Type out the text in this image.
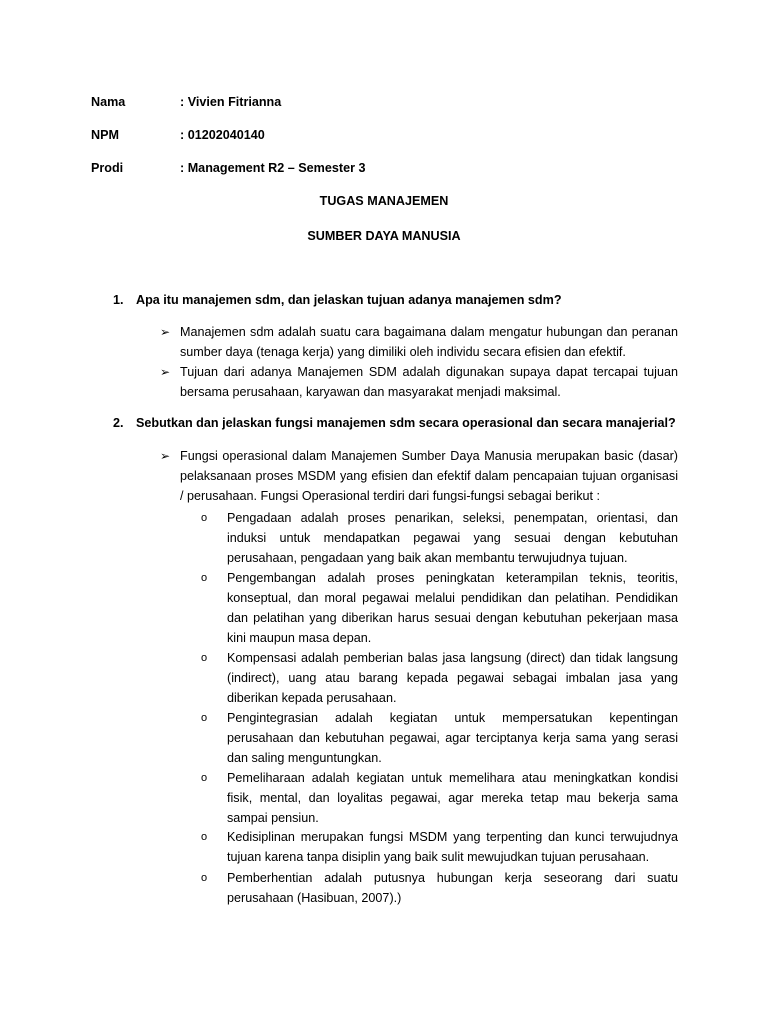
Nama	: Vivien Fitrianna
NPM	: 01202040140
Prodi	: Management R2 – Semester 3
TUGAS MANAJEMEN
SUMBER DAYA MANUSIA
1. Apa itu manajemen sdm, dan jelaskan tujuan adanya manajemen sdm?
➢ Manajemen sdm adalah suatu cara bagaimana dalam mengatur hubungan dan peranan sumber daya (tenaga kerja) yang dimiliki oleh individu secara efisien dan efektif.
➢ Tujuan dari adanya Manajemen SDM adalah digunakan supaya dapat tercapai tujuan bersama perusahaan, karyawan dan masyarakat menjadi maksimal.
2. Sebutkan dan jelaskan fungsi manajemen sdm secara operasional dan secara manajerial?
➢ Fungsi operasional dalam Manajemen Sumber Daya Manusia merupakan basic (dasar) pelaksanaan proses MSDM yang efisien dan efektif dalam pencapaian tujuan organisasi / perusahaan. Fungsi Operasional terdiri dari fungsi-fungsi sebagai berikut :
o Pengadaan adalah proses penarikan, seleksi, penempatan, orientasi, dan induksi untuk mendapatkan pegawai yang sesuai dengan kebutuhan perusahaan, pengadaan yang baik akan membantu terwujudnya tujuan.
o Pengembangan adalah proses peningkatan keterampilan teknis, teoritis, konseptual, dan moral pegawai melalui pendidikan dan pelatihan. Pendidikan dan pelatihan yang diberikan harus sesuai dengan kebutuhan pekerjaan masa kini maupun masa depan.
o Kompensasi adalah pemberian balas jasa langsung (direct) dan tidak langsung (indirect), uang atau barang kepada pegawai sebagai imbalan jasa yang diberikan kepada perusahaan.
o Pengintegrasian adalah kegiatan untuk mempersatukan kepentingan perusahaan dan kebutuhan pegawai, agar terciptanya kerja sama yang serasi dan saling menguntungkan.
o Pemeliharaan adalah kegiatan untuk memelihara atau meningkatkan kondisi fisik, mental, dan loyalitas pegawai, agar mereka tetap mau bekerja sama sampai pensiun.
o Kedisiplinan merupakan fungsi MSDM yang terpenting dan kunci terwujudnya tujuan karena tanpa disiplin yang baik sulit mewujudkan tujuan perusahaan.
o Pemberhentian adalah putusnya hubungan kerja seseorang dari suatu perusahaan (Hasibuan, 2007).)
